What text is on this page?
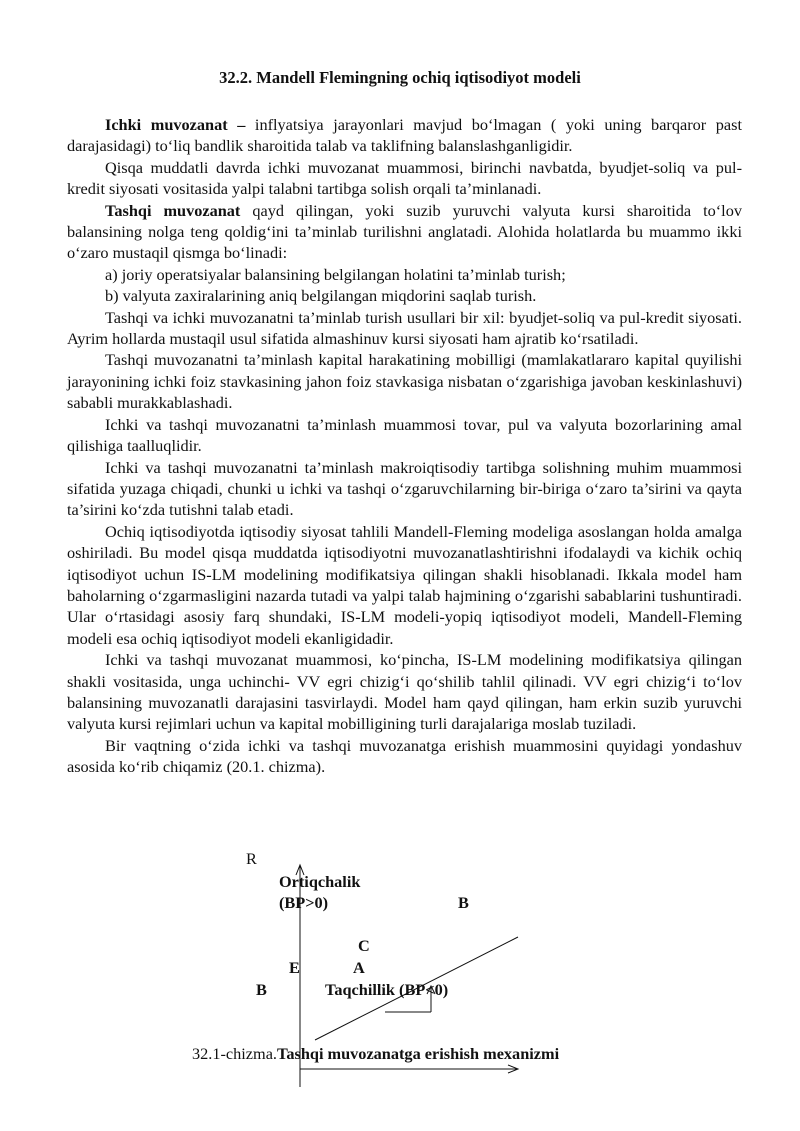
32.2. Mandell Flemingning ochiq iqtisodiyot modeli

Ichki muvozanat – inflyatsiya jarayonlari mavjud bo‘lmagan ( yoki uning barqaror past darajasidagi) to‘liq bandlik sharoitida talab va taklifning balanslashganligidir.

Qisqa muddatli davrda ichki muvozanat muammosi, birinchi navbatda, byudjet-soliq va pul-kredit siyosati vositasida yalpi talabni tartibga solish orqali ta’minlanadi.

Tashqi muvozanat qayd qilingan, yoki suzib yuruvchi valyuta kursi sharoitida to‘lov balansining nolga teng qoldig‘ini ta’minlab turilishni anglatadi. Alohida holatlarda bu muammo ikki o‘zaro mustaqil qismga bo‘linadi:

a) joriy operatsiyalar balansining belgilangan holatini ta’minlab turish;

b) valyuta zaxiralarining aniq belgilangan miqdorini saqlab turish.

Tashqi va ichki muvozanatni ta’minlab turish usullari bir xil: byudjet-soliq va pul-kredit siyosati. Ayrim hollarda mustaqil usul sifatida almashinuv kursi siyosati ham ajratib ko‘rsatiladi.

Tashqi muvozanatni ta’minlash kapital harakatining mobilligi (mamlakatlararo kapital quyilishi jarayonining ichki foiz stavkasining jahon foiz stavkasiga nisbatan o‘zgarishiga javoban keskinlashuvi) sababli murakkablashadi.

Ichki va tashqi muvozanatni ta’minlash muammosi tovar, pul va valyuta bozorlarining amal qilishiga taalluqlidir.

Ichki va tashqi muvozanatni ta’minlash makroiqtisodiy tartibga solishning muhim muammosi sifatida yuzaga chiqadi, chunki u ichki va tashqi o‘zgaruvchilarning bir-biriga o‘zaro ta’sirini va qayta ta’sirini ko‘zda tutishni talab etadi.

Ochiq iqtisodiyotda iqtisodiy siyosat tahlili Mandell-Fleming modeliga asoslangan holda amalga oshiriladi. Bu model qisqa muddatda iqtisodiyotni muvozanatlashtirishni ifodalaydi va kichik ochiq iqtisodiyot uchun IS-LM modelining modifikatsiya qilingan shakli hisoblanadi. Ikkala model ham baholarning o‘zgarmasligini nazarda tutadi va yalpi talab hajmining o‘zgarishi sabablarini tushuntiradi. Ular o‘rtasidagi asosiy farq shundaki, IS-LM modeli-yopiq iqtisodiyot modeli, Mandell-Fleming modeli esa ochiq iqtisodiyot modeli ekanligidadir.

Ichki va tashqi muvozanat muammosi, ko‘pincha, IS-LM modelining modifikatsiya qilingan shakli vositasida, unga uchinchi- VV egri chizig‘i qo‘shilib tahlil qilinadi. VV egri chizig‘i to‘lov balansining muvozanatli darajasini tasvirlaydi. Model ham qayd qilingan, ham erkin suzib yuruvchi valyuta kursi rejimlari uchun va kapital mobilligining turli darajalariga moslab tuziladi.

Bir vaqtning o‘zida ichki va tashqi muvozanatga erishish muammosini quyidagi yondashuv asosida ko‘rib chiqamiz (20.1. chizma).

R
Ortiqchalik
(BP>0)	B
C
E	A
B	Taqchillik (BP<0)
32.1-chizma.Tashqi muvozanatga erishish mexanizmi
